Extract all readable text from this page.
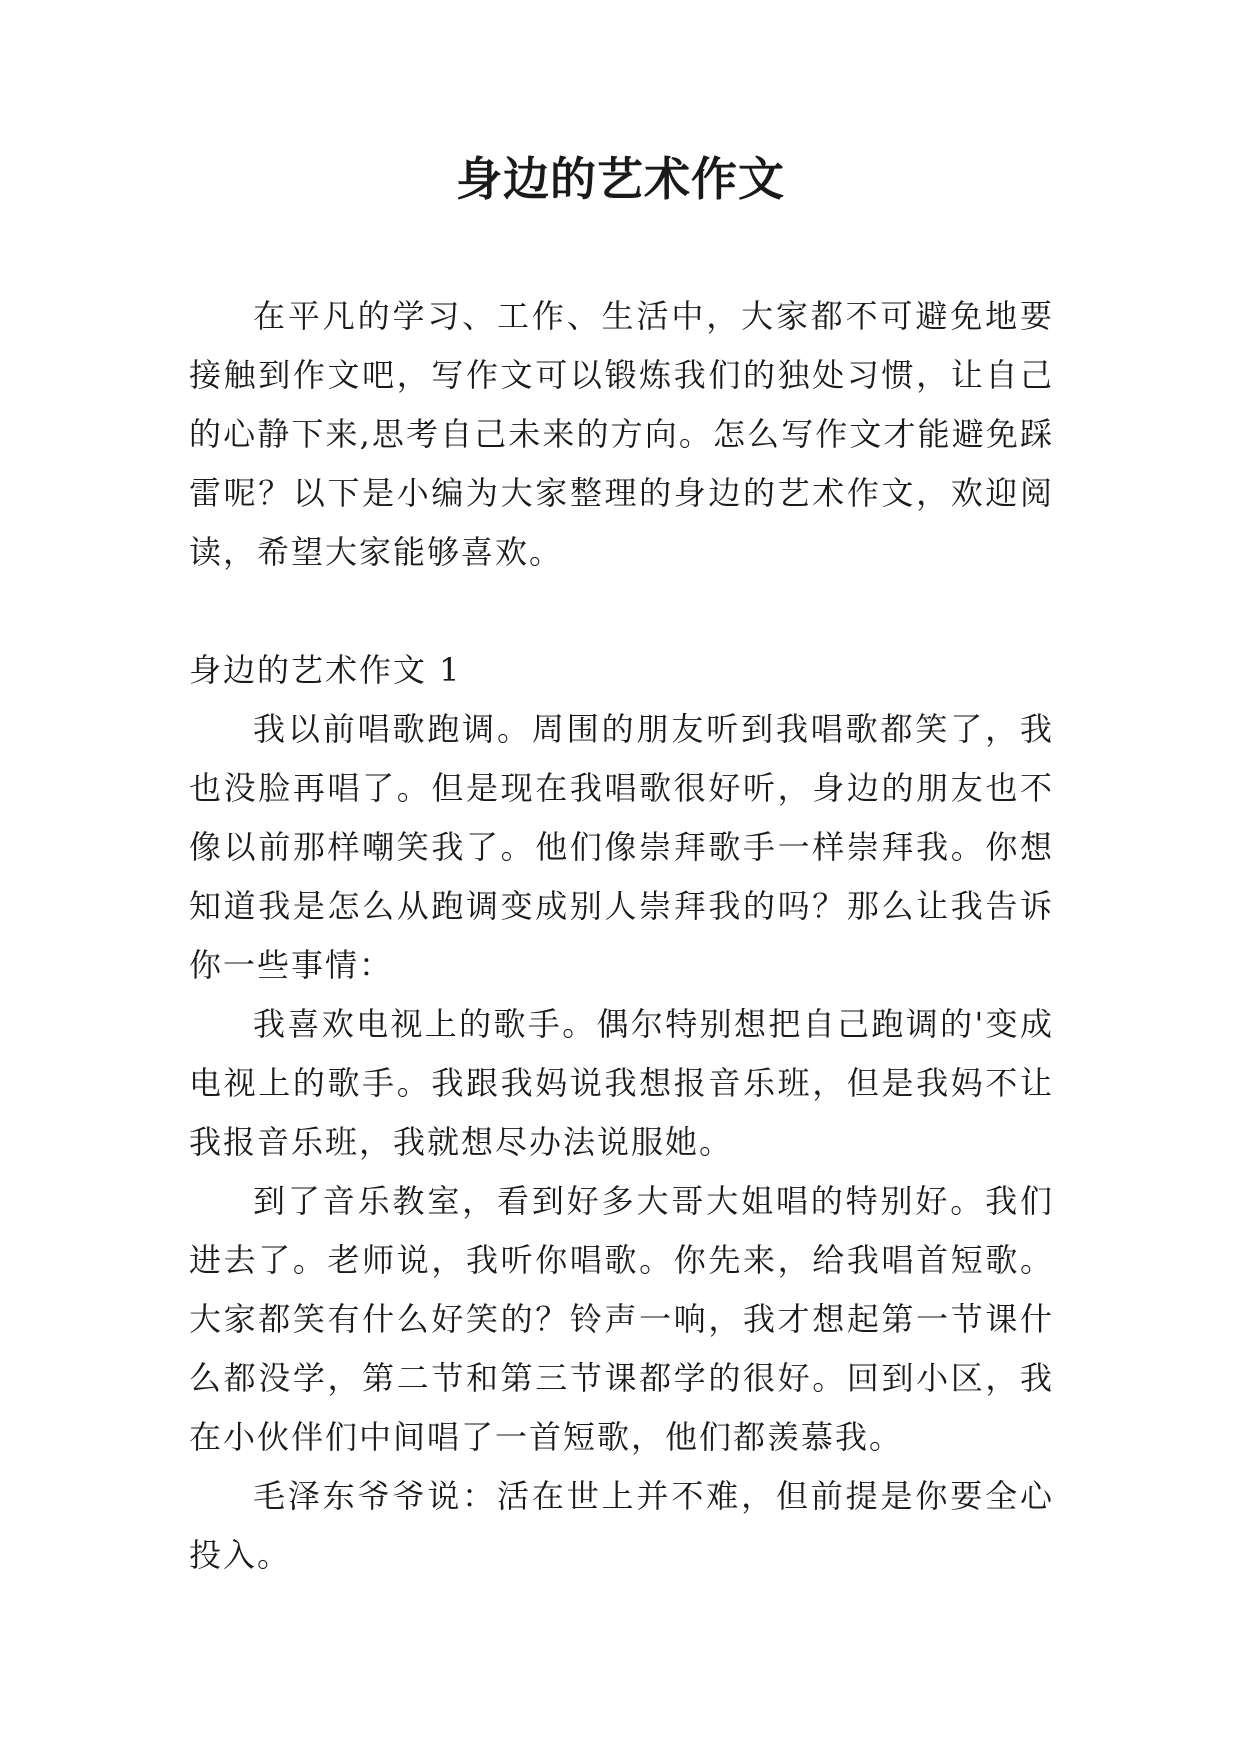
身边的艺术作文

在平凡的学习、工作、生活中，大家都不可避免地要接触到作文吧，写作文可以锻炼我们的独处习惯，让自己的心静下来,思考自己未来的方向。怎么写作文才能避免踩雷呢？以下是小编为大家整理的身边的艺术作文，欢迎阅读，希望大家能够喜欢。

身边的艺术作文 1

我以前唱歌跑调。周围的朋友听到我唱歌都笑了，我也没脸再唱了。但是现在我唱歌很好听，身边的朋友也不像以前那样嘲笑我了。他们像崇拜歌手一样崇拜我。你想知道我是怎么从跑调变成别人崇拜我的吗？那么让我告诉你一些事情：

我喜欢电视上的歌手。偶尔特别想把自己跑调的'变成电视上的歌手。我跟我妈说我想报音乐班，但是我妈不让我报音乐班，我就想尽办法说服她。

到了音乐教室，看到好多大哥大姐唱的特别好。我们进去了。老师说，我听你唱歌。你先来，给我唱首短歌。大家都笑有什么好笑的？铃声一响，我才想起第一节课什么都没学，第二节和第三节课都学的很好。回到小区，我在小伙伴们中间唱了一首短歌，他们都羡慕我。

毛泽东爷爷说：活在世上并不难，但前提是你要全心投入。
